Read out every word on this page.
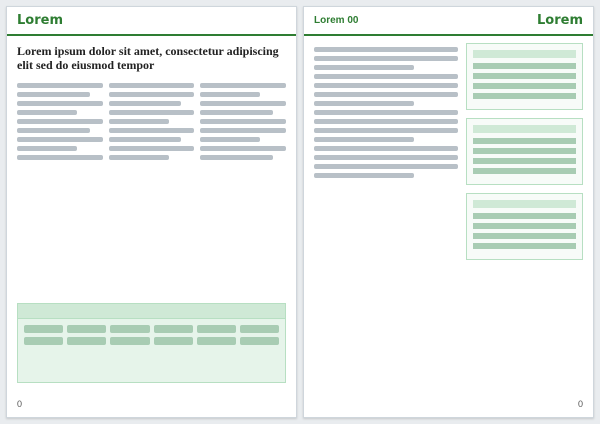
Lorem
Lorem ipsum dolor sit amet, consectetur adipiscing elit sed do eiusmod tempor
0
Lorem 00	Lorem
0
